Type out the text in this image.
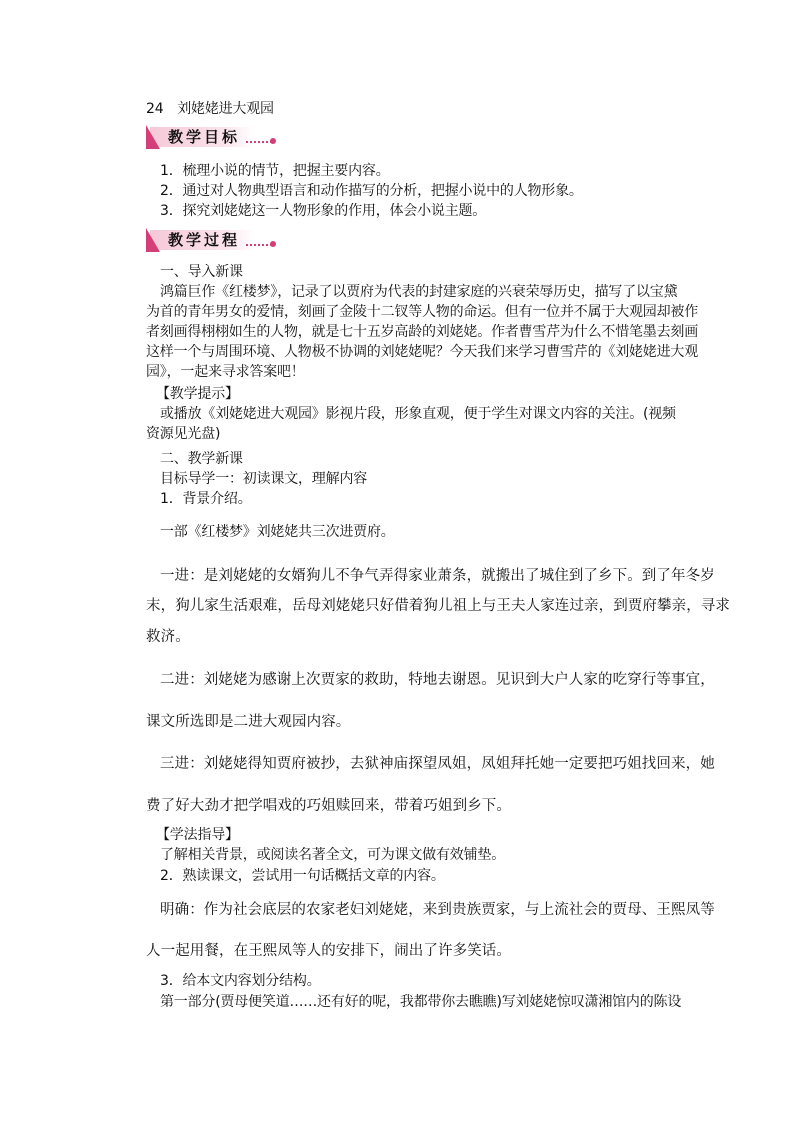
24　刘姥姥进大观园
教学目标
1．梳理小说的情节，把握主要内容。
2．通过对人物典型语言和动作描写的分析，把握小说中的人物形象。
3．探究刘姥姥这一人物形象的作用，体会小说主题。
教学过程
一、导入新课
鸿篇巨作《红楼梦》，记录了以贾府为代表的封建家庭的兴衰荣辱历史，描写了以宝黛
为首的青年男女的爱情，刻画了金陵十二钗等人物的命运。但有一位并不属于大观园却被作
者刻画得栩栩如生的人物，就是七十五岁高龄的刘姥姥。作者曹雪芹为什么不惜笔墨去刻画
这样一个与周围环境、人物极不协调的刘姥姥呢？今天我们来学习曹雪芹的《刘姥姥进大观
园》，一起来寻求答案吧！
【教学提示】
或播放《刘姥姥进大观园》影视片段，形象直观，便于学生对课文内容的关注。(视频
资源见光盘)
二、教学新课
目标导学一：初读课文，理解内容
1．背景介绍。
一部《红楼梦》刘姥姥共三次进贾府。
一进：是刘姥姥的女婿狗儿不争气弄得家业萧条，就搬出了城住到了乡下。到了年冬岁
末，狗儿家生活艰难，岳母刘姥姥只好借着狗儿祖上与王夫人家连过亲，到贾府攀亲，寻求
救济。
二进：刘姥姥为感谢上次贾家的救助，特地去谢恩。见识到大户人家的吃穿行等事宜，
课文所选即是二进大观园内容。
三进：刘姥姥得知贾府被抄，去狱神庙探望凤姐，凤姐拜托她一定要把巧姐找回来，她
费了好大劲才把学唱戏的巧姐赎回来，带着巧姐到乡下。
【学法指导】
了解相关背景，或阅读名著全文，可为课文做有效铺垫。
2．熟读课文，尝试用一句话概括文章的内容。
明确：作为社会底层的农家老妇刘姥姥，来到贵族贾家，与上流社会的贾母、王熙凤等
人一起用餐，在王熙凤等人的安排下，闹出了许多笑话。
3．给本文内容划分结构。
第一部分(贾母便笑道……还有好的呢，我都带你去瞧瞧)写刘姥姥惊叹潇湘馆内的陈设
